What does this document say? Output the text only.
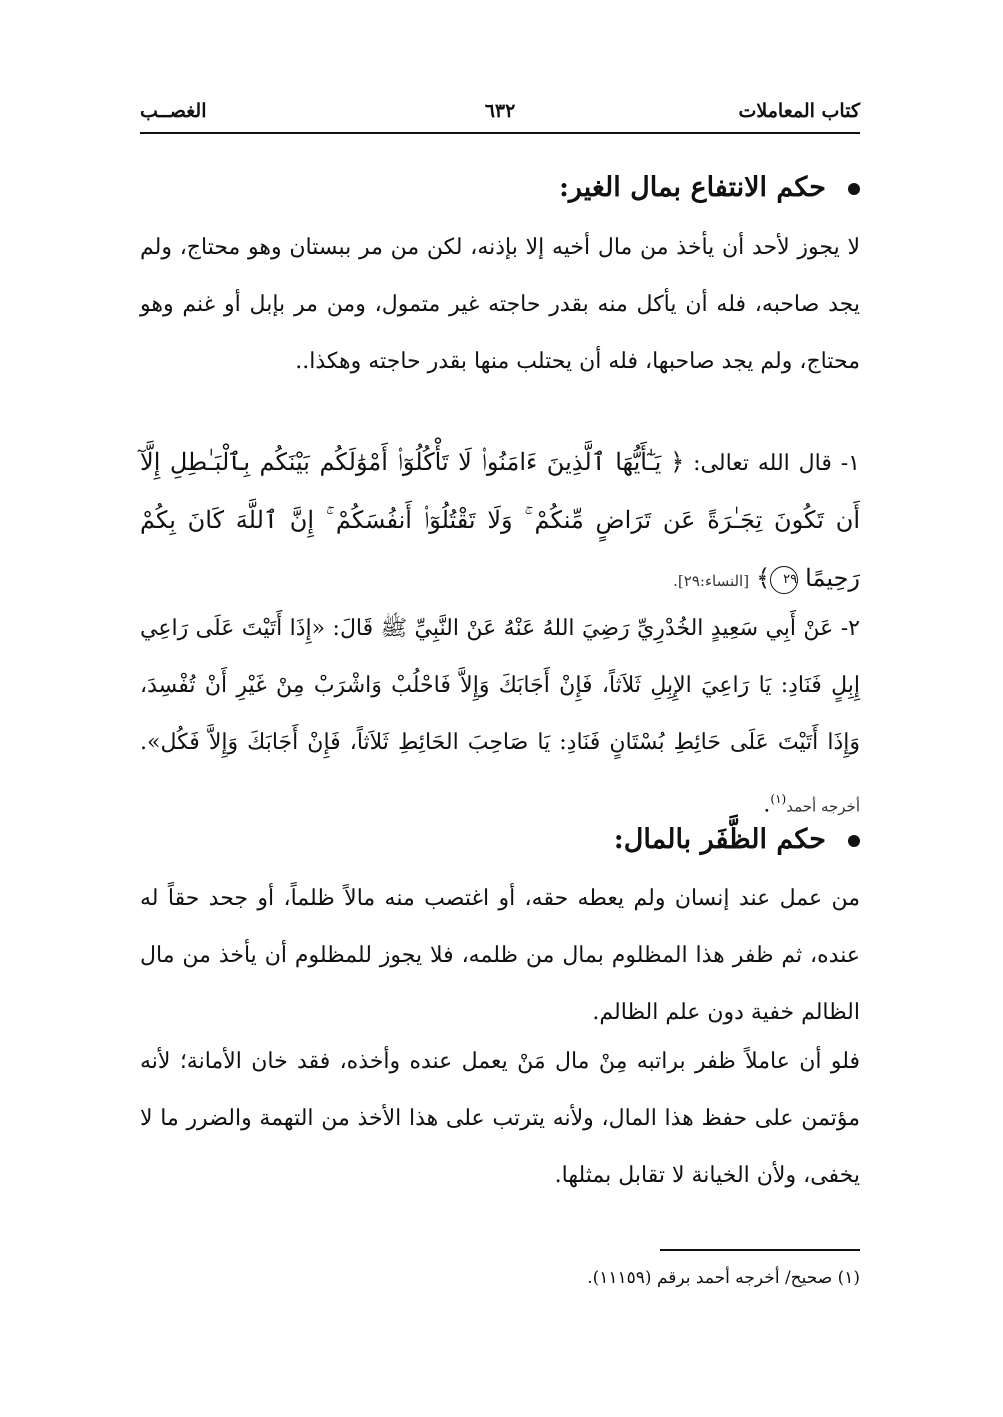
كتاب المعاملات
٦٣٢
الغصــب
حكم الانتفاع بمال الغير:
لا يجوز لأحد أن يأخذ من مال أخيه إلا بإذنه، لكن من مر ببستان وهو محتاج، ولم يجد صاحبه، فله أن يأكل منه بقدر حاجته غير متمول، ومن مر بإبل أو غنم وهو محتاج، ولم يجد صاحبها، فله أن يحتلب منها بقدر حاجته وهكذا..
١- قال الله تعالى: ﴿ يَـٰٓأَيُّهَا ٱلَّذِينَ ءَامَنُوا۟ لَا تَأْكُلُوٓا۟ أَمْوَٰلَكُم بَيْنَكُم بِٱلْبَـٰطِلِ إِلَّآ أَن تَكُونَ تِجَـٰرَةً عَن تَرَاضٍ مِّنكُمْ ۚ وَلَا تَقْتُلُوٓا۟ أَنفُسَكُمْ ۚ إِنَّ ٱللَّهَ كَانَ بِكُمْ رَحِيمًا ٢٩﴾ [النساء:٢٩].
٢- عَنْ أَبِي سَعِيدٍ الخُدْرِيِّ رَضِيَ اللهُ عَنْهُ عَنْ النَّبِيِّ ﷺ قَالَ: «إِذَا أَتَيْتَ عَلَى رَاعِي إِبِلٍ فَنَادِ: يَا رَاعِيَ الإِبِلِ ثَلاَثاً، فَإِنْ أَجَابَكَ وَإِلاَّ فَاحْلُبْ وَاشْرَبْ مِنْ غَيْرِ أَنْ تُفْسِدَ، وَإِذَا أَتَيْتَ عَلَى حَائِطِ بُسْتَانٍ فَنَادِ: يَا صَاحِبَ الحَائِطِ ثَلاَثاً، فَإِنْ أَجَابَكَ وَإِلاَّ فَكُل». أخرجه أحمد$^{(١)}$.
حكم الظَّفَر بالمال:
من عمل عند إنسان ولم يعطه حقه، أو اغتصب منه مالاً ظلماً، أو جحد حقاً له عنده، ثم ظفر هذا المظلوم بمال من ظلمه، فلا يجوز للمظلوم أن يأخذ من مال الظالم خفية دون علم الظالم.
فلو أن عاملاً ظفر براتبه مِنْ مال مَنْ يعمل عنده وأخذه، فقد خان الأمانة؛ لأنه مؤتمن على حفظ هذا المال، ولأنه يترتب على هذا الأخذ من التهمة والضرر ما لا يخفى، ولأن الخيانة لا تقابل بمثلها.
(١) صحيح/ أخرجه أحمد برقم (١١١٥٩).
